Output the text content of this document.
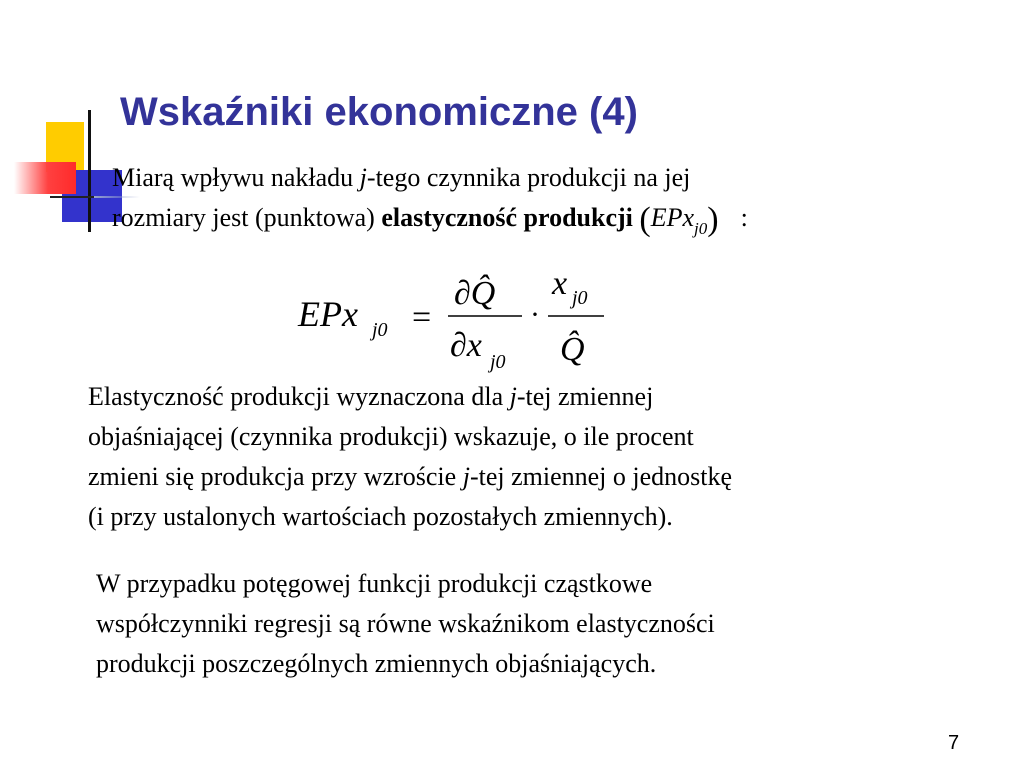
Wskaźniki ekonomiczne (4)
Miarą wpływu nakładu j-tego czynnika produkcji na jej
rozmiary jest (punktowa) elastyczność produkcji (EPx$_{j0}$) :
EPx j0 =
∂Q̂
∂x j0
·
x j0
Q̂
Elastyczność produkcji wyznaczona dla j-tej zmiennej
objaśniającej (czynnika produkcji) wskazuje, o ile procent
zmieni się produkcja przy wzroście j-tej zmiennej o jednostkę
(i przy ustalonych wartościach pozostałych zmiennych).
W przypadku potęgowej funkcji produkcji cząstkowe
współczynniki regresji są równe wskaźnikom elastyczności
produkcji poszczególnych zmiennych objaśniających.
7
